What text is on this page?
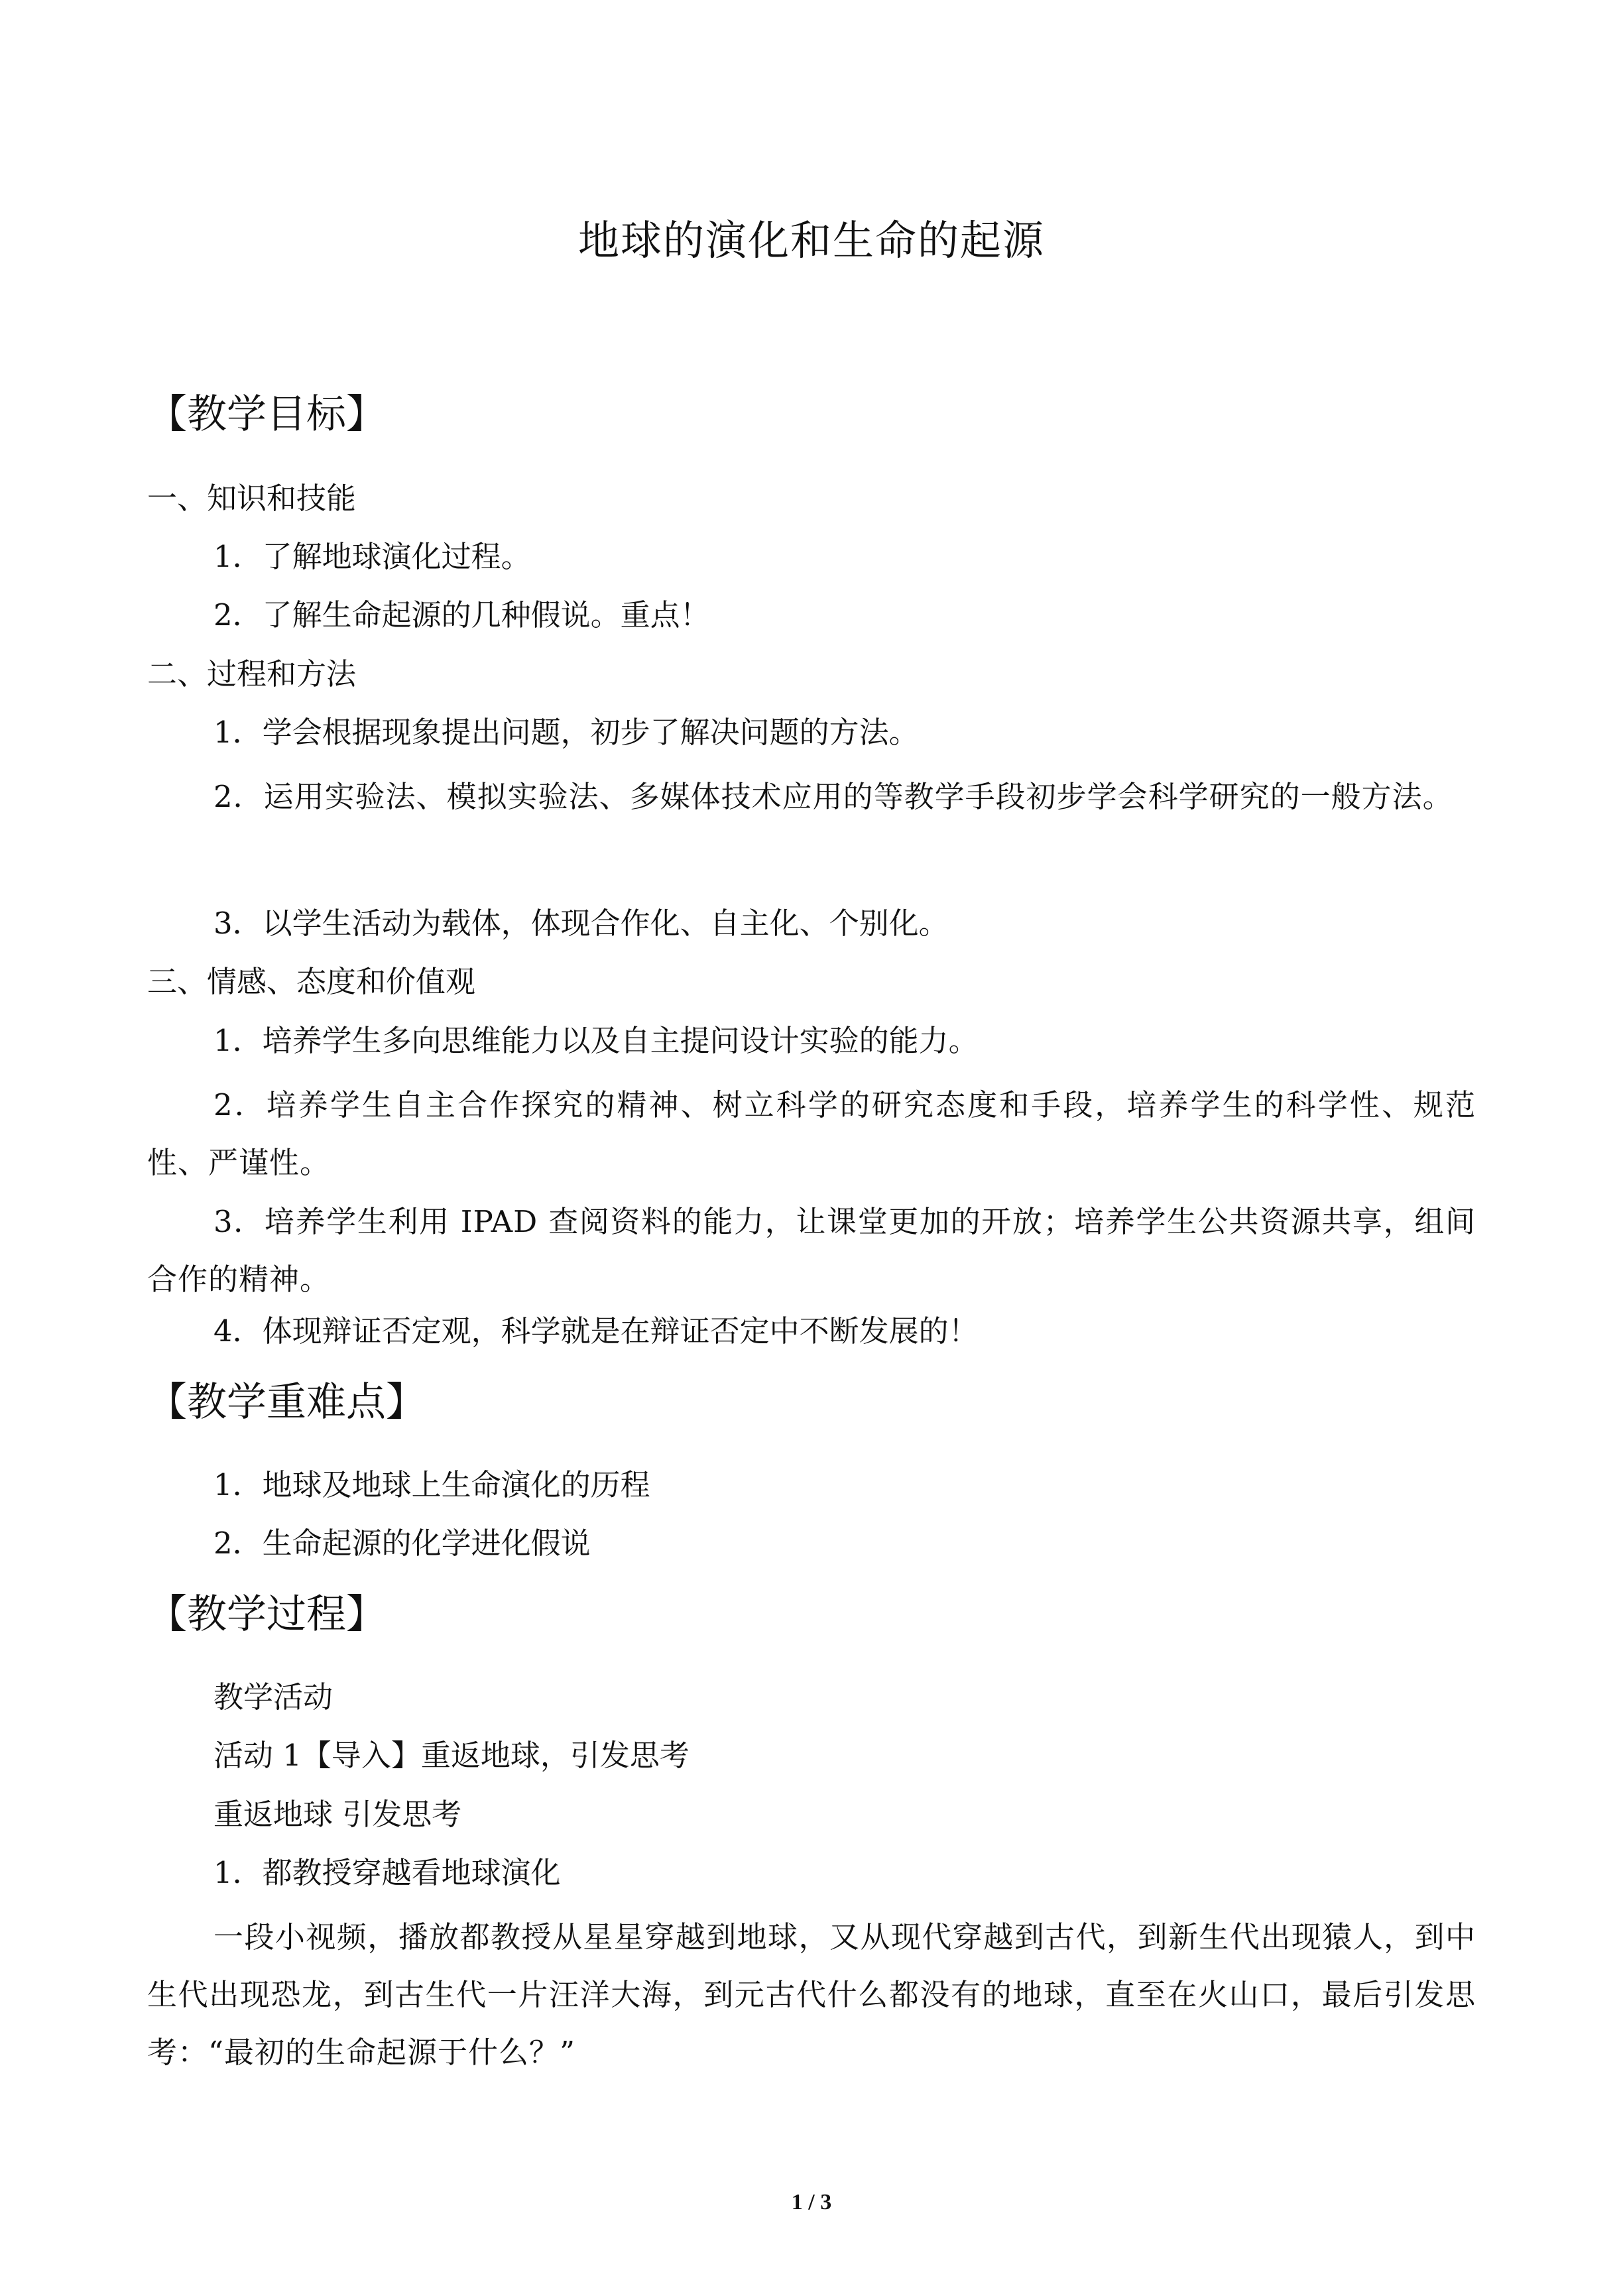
地球的演化和生命的起源
【教学目标】
一、知识和技能
1．了解地球演化过程。
2．了解生命起源的几种假说。重点！
二、过程和方法
1．学会根据现象提出问题，初步了解决问题的方法。
2．运用实验法、模拟实验法、多媒体技术应用的等教学手段初步学会科学研究的一般方法。
3．以学生活动为载体，体现合作化、自主化、个别化。
三、情感、态度和价值观
1．培养学生多向思维能力以及自主提问设计实验的能力。
2．培养学生自主合作探究的精神、树立科学的研究态度和手段，培养学生的科学性、规范性、严谨性。
3．培养学生利用 IPAD 查阅资料的能力，让课堂更加的开放；培养学生公共资源共享，组间合作的精神。
4．体现辩证否定观，科学就是在辩证否定中不断发展的！
【教学重难点】
1．地球及地球上生命演化的历程
2．生命起源的化学进化假说
【教学过程】
教学活动
活动 1【导入】重返地球，引发思考
重返地球 引发思考
1．都教授穿越看地球演化
一段小视频，播放都教授从星星穿越到地球，又从现代穿越到古代，到新生代出现猿人，到中生代出现恐龙，到古生代一片汪洋大海，到元古代什么都没有的地球，直至在火山口，最后引发思考：“最初的生命起源于什么？”
1 / 3
